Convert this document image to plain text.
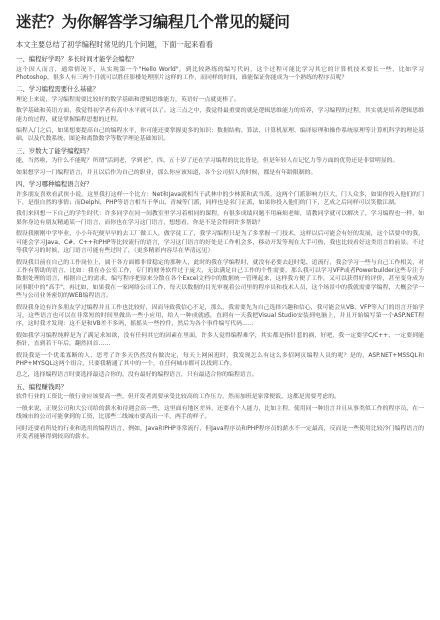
迷茫？为你解答学习编程几个常见的疑问

本文主要总结了初学编程时常见的几个问题，下面一起来看看

一、编程好学吗？多长时间才能学会编程？

这个因人而言，通常情况下，从实现第一个"Hello World"，到比较熟练的编写代码，这个过程可能比学习其它的计算机技术要长一些，比如学习Photoshop，很多人有三两个月就可以胜任影楼处理照片这样的工作，而同样的时间，谁能保证你能成为一个熟练的程序员呢？

二、学习编程需要什么基础？

理论上来说，学习编程需要比较好的数学基础和逻辑思维能力，英语好一点就更棒了。

数学基础和英语方面，我觉得初学者有高中水平就可以了。这三点之中，我觉得最重要的就是逻辑思维能力的培养，学习编程的过程，其实就是培养逻辑思维能力的过程，就是掌握编程思想的过程。

编程入门之后，如果想要提高自己的编程水平，你可能还要掌握更多的知识：数据结构、算法、计算机原理、编译原理和操作系统原理等计算机科学的理论基础，以及代数系统、图论和离散数学等数学理论基础知识。

三、岁数大了能学编程吗？

能，当然啦，为什么不能呢？所谓"活到老，学到老"，四、五十岁了还在学习编程的比比皆是，但是年轻人在记忆力等方面的优势还是非常明显的。

如果想学习一门编程语言，并且以后作为自己的职业，那么你应该知道，各个公司招人的时候，都是有年龄限制的。

四、学习哪种编程语言好？

许多朋友喜欢看武侠小说，这里我打这样一个比方：Net和Java就相当于武林中的少林派和武当派，这两个门派影响力巨大，门人众多，如果你投入他们的门下，是很自然的事情；而Delphi、PHP等语言相当于华山、青城等门派，同样也是名门正派，如果你投入他们的门下，艺成之后同样可以笑傲江湖。

我们来回想一下自己的学生时代：许多同学在同一间教室里学习着相同的课程，有很多成绩问题不用麻烦老师，请教同学就可以解决了，学习编程也一样，如果你身边有朋友精通某一门语言，而你也在学习这门语言，想想看，你是不是会得到许多帮助？

假设我刚刚中学毕业，小小年纪便早早的去工厂做工人，做学徒工了，我学习编程只是为了多掌握一门技术，这样以后可能会有好的发展，这个话要中的我，可能会学习Java、C#、C++和PHP等比较流行的语言，学习这门语言的好处是工作机会多，移动开发等现在大手可热，我也比较看好这类语言的前景。不过等我学习的时候，这门语言可能有些过时了，（更多精彩内容尽在华清远见）

假设我目前在自己的工作岗位上，属于各方面都非常稳定的那种人，此时的我在学编程时，就没有必要去赶时髦、追流行，我会学习一些与自己工作相关，对工作有帮助的语言，比如：我在办公室工作，专门的财务软件过于庞大，无法满足自己工作的个性需要，那么我可以学习VFP或者Powerbuilder这些专注于数据处理的语言，根据自己的需求，编写程序把原来分散在各个Excel文档中的数据统一管理起来，这样我方便了工作，又可以获得好的评价，甚至变身成为同事眼中的"高手"，再比如，如果我在一家网络公司工作，每天以数据的目光审视着公司里的程序员和技术人员，这个场景中的我就需要学编程，大概会学一些与公司业务密切的WEB编程语言。

假设我身边有许多朋友学过编程并且工作也比较好，因而导致我信心不足，那么，我需要先为自己选择兴趣和信心，我可能会从VB、VFP等入门的语言开始学习，这些语言也可以在非常短的时间里做出一些小应用，给人一种成就感，直到有一天我把Visual Studio安装到电脑上，并且开始编写第一个ASP.NET程序，这时我才发现：这不是和VB差不多吗，摇摇头一些控件，然后为各个事件编写代码……

假如我学习编程纯粹是为了满足求知欲，没有任何其它的因素在里面，许多人觉得编程难学，其实都是指针惹的祸，好吧，我一定要学C/C++，一定要到能指针，直到若干年后，翻然回首……

假设我是一个优柔寡断的人，思考了许多天仍然没有做决定，每天上网闲逛时，我发现怎么有这么多招网页编程人员的呢？是的，ASP.NET+MSSQL和PHP+MYSQL这两个组合，只要我精通了其中的一个，在任何城市都可以找到工作。

总之，选择编程语言时要选择最适合你的，没有最好的编程语言，只有最适合你的编程语言。

五、编程赚钱吗？

软件行业的工资比一般行业应该要高一些，但开发者需要承受比较高的工作压力，然而加班是家常便饭，这都是需要考虑的。

一般来说，正规公司和大公司给的薪水和待遇会高一些，这里面有地区差异，还要看个人能力，比如主程，使用同一种语言并且从事类似工作的程序员，在一线城市的公司可能拿到的工资，比那些二线城市要高出一半，两手的样子。

同时还要看所处的行业和选用的编程语言，例如，Java和PHP非常流行，但Java程序员和PHP程序员的薪水不一定最高，反而是一些使用比较冷门编程语言的开发者能够得到较高的薪水。
